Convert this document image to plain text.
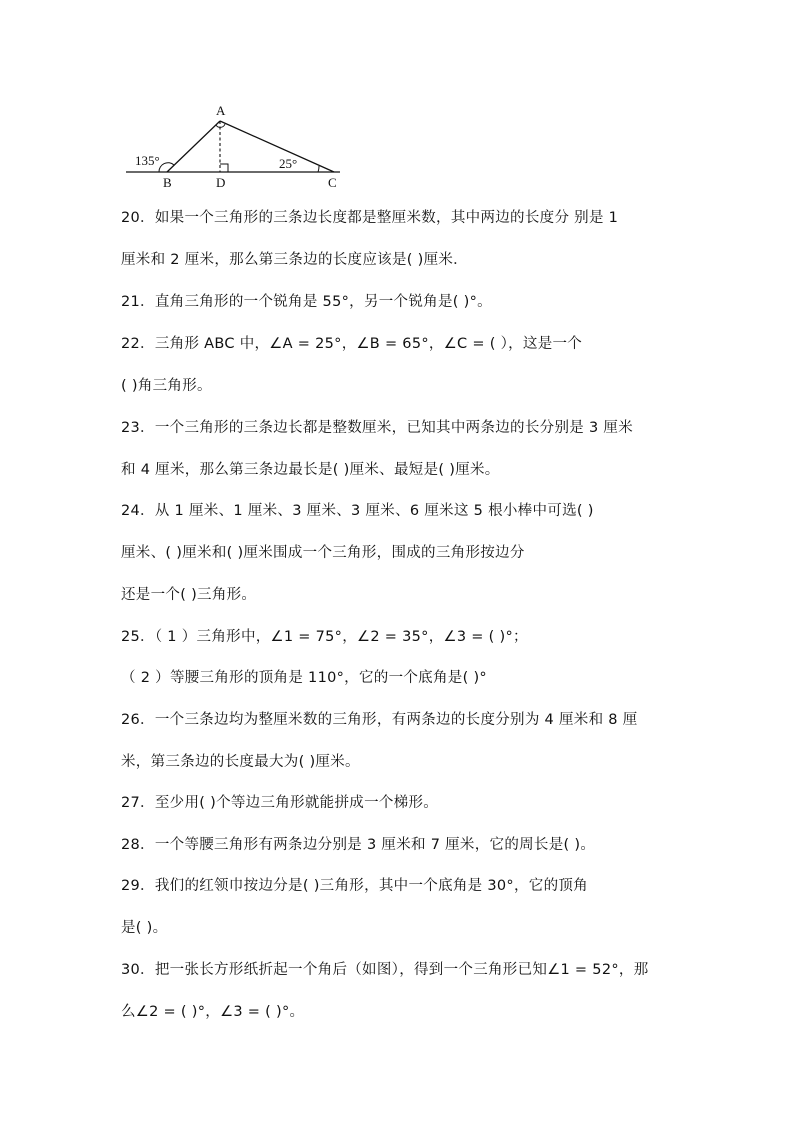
A
B	D	C
135°	25°
20．如果一个三角形的三条边长度都是整厘米数，其中两边的长度分 别是 1
厘米和 2 厘米，那么第三条边的长度应该是( )厘米．
21．直角三角形的一个锐角是 55°，另一个锐角是( )°。
22．三角形 ABC 中，∠A = 25°，∠B = 65°，∠C = ( ），这是一个
( )角三角形。
23．一个三角形的三条边长都是整数厘米，已知其中两条边的长分别是 3 厘米
和 4 厘米，那么第三条边最长是( )厘米、最短是( )厘米。
24．从 1 厘米、1 厘米、3 厘米、3 厘米、6 厘米这 5 根小棒中可选( )
厘米、( )厘米和( )厘米围成一个三角形，围成的三角形按边分
还是一个( )三角形。
25．（ 1 ）三角形中，∠1 = 75°，∠2 = 35°，∠3 = ( )°；
（ 2 ）等腰三角形的顶角是 110°，它的一个底角是( )°
26．一个三条边均为整厘米数的三角形，有两条边的长度分别为 4 厘米和 8 厘
米，第三条边的长度最大为( )厘米。
27．至少用( )个等边三角形就能拼成一个梯形。
28．一个等腰三角形有两条边分别是 3 厘米和 7 厘米，它的周长是( )。
29．我们的红领巾按边分是( )三角形，其中一个底角是 30°，它的顶角
是( )。
30．把一张长方形纸折起一个角后（如图），得到一个三角形已知∠1 = 52°，那
么∠2 = ( )°，∠3 = ( )°。
